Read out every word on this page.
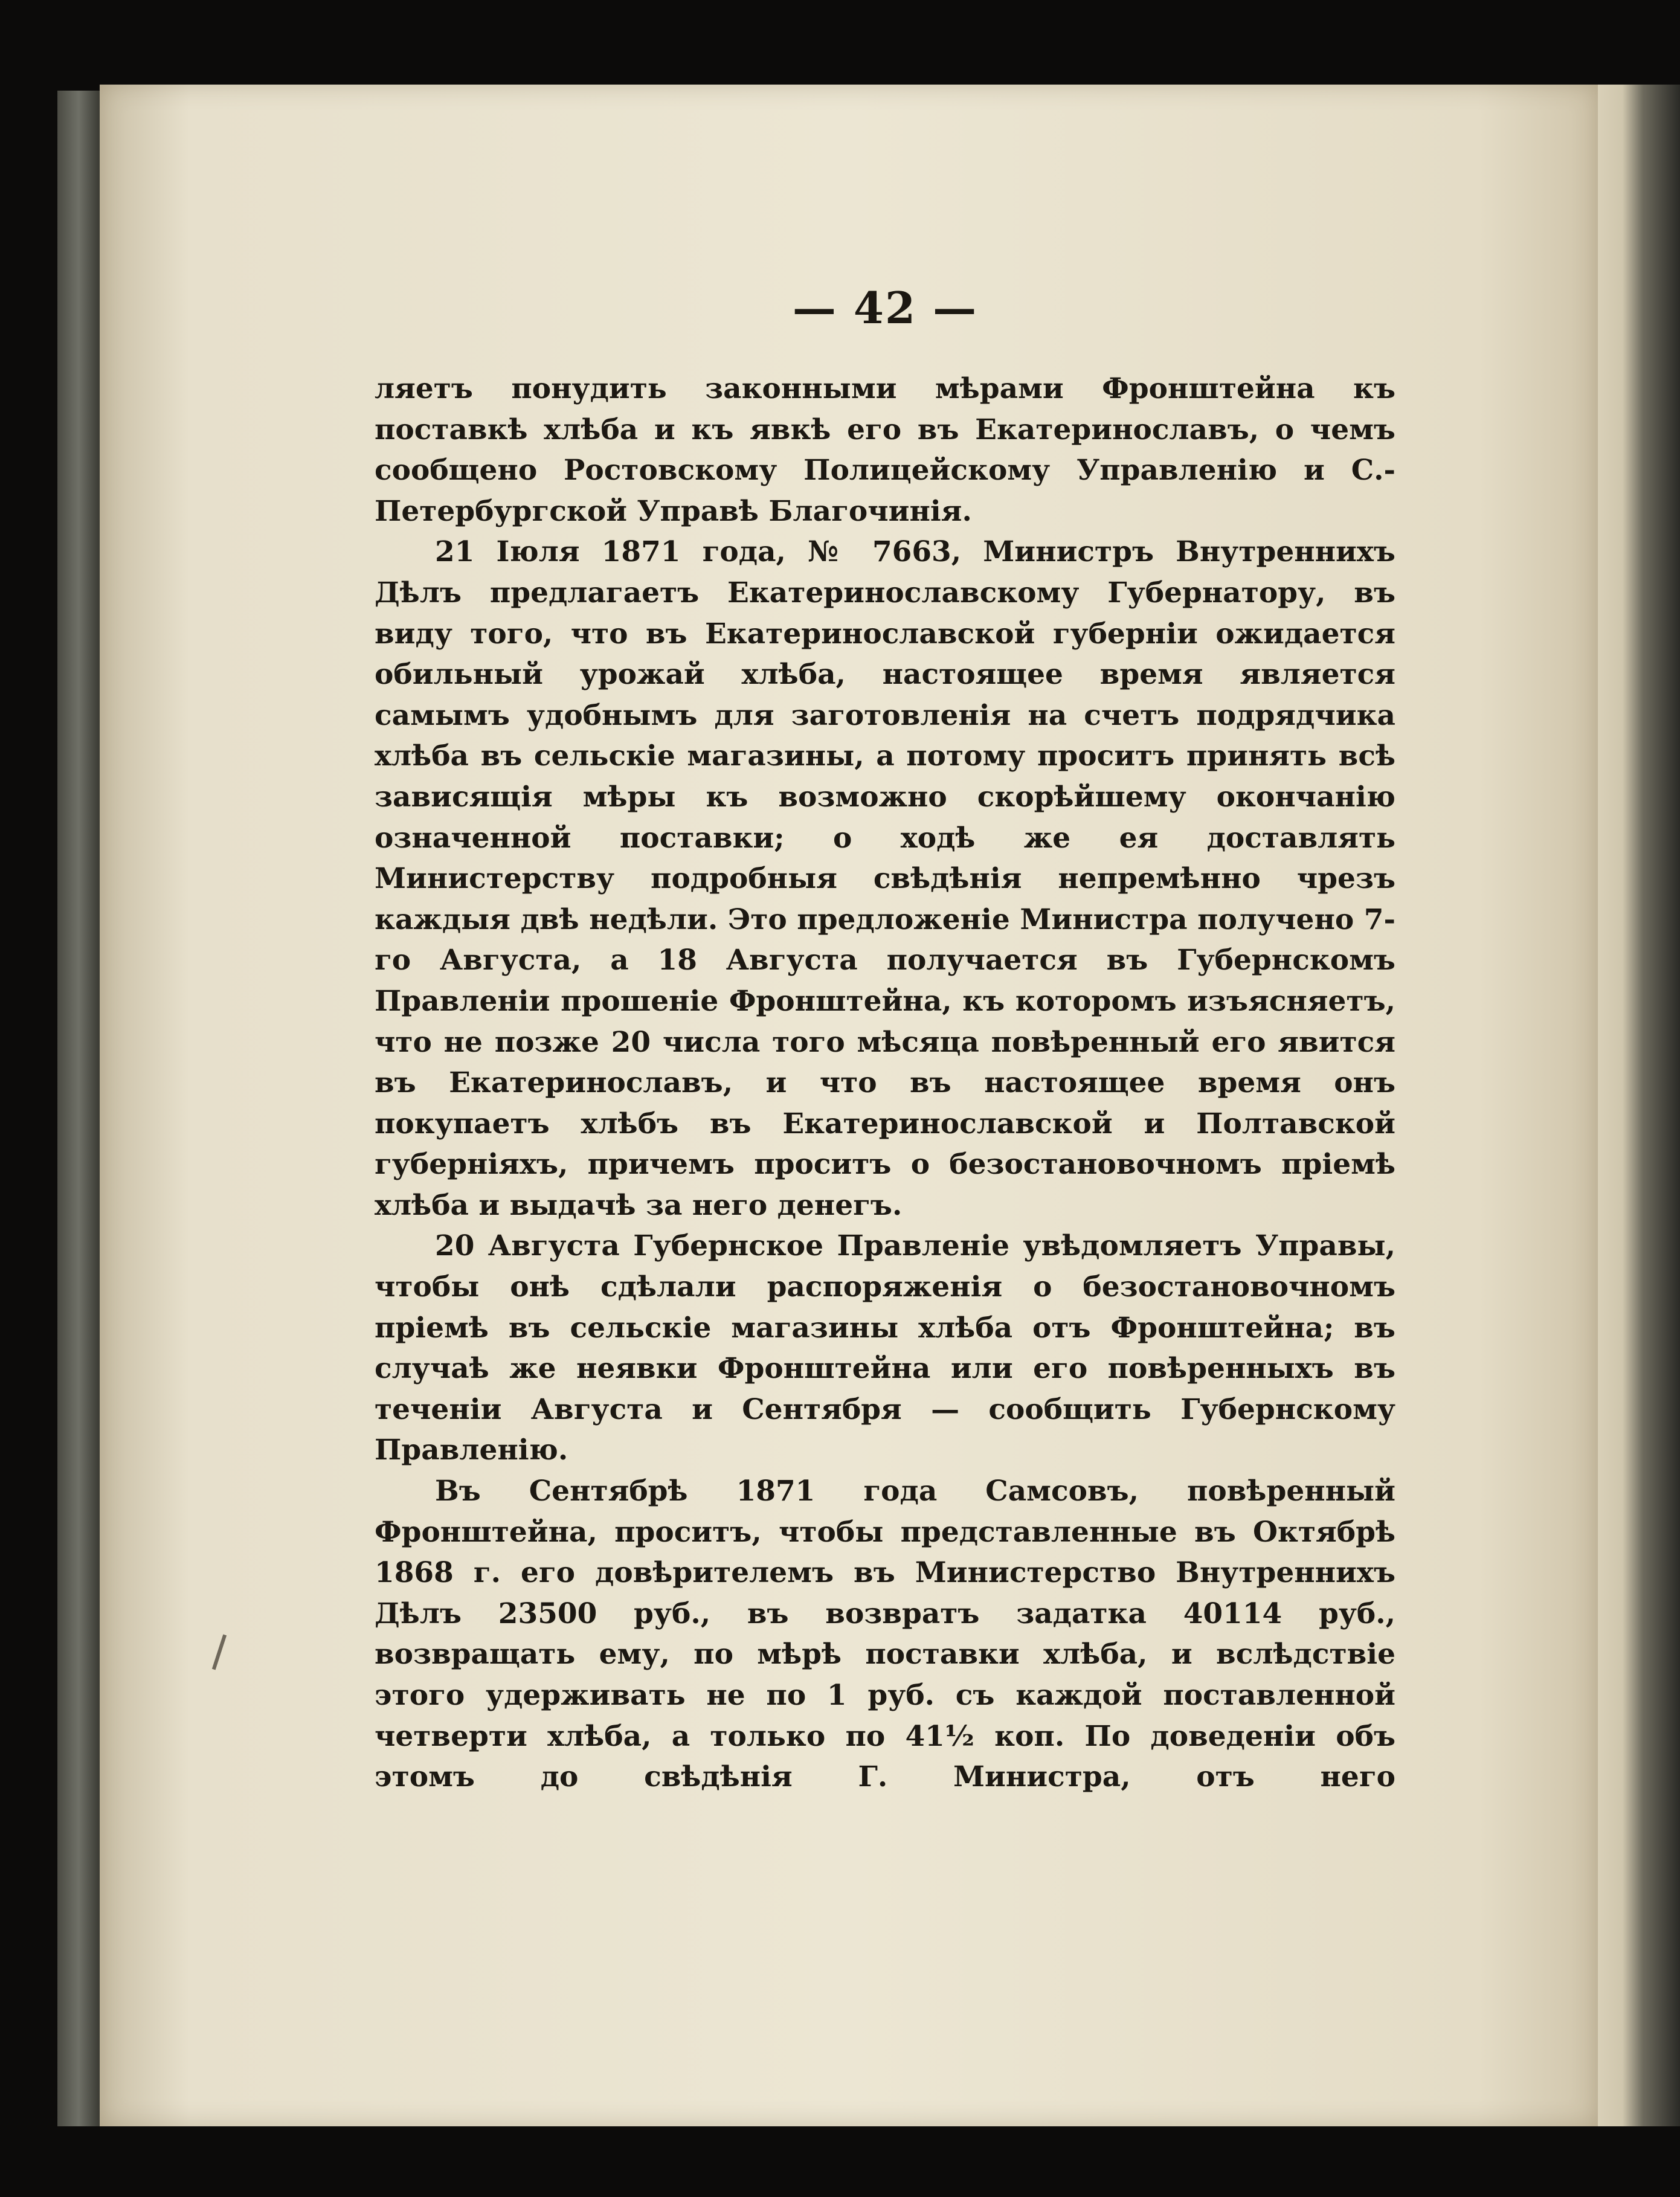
— 42 —

ляетъ понудить законными мѣрами Фронштейна къ поставкѣ хлѣба и къ явкѣ его въ Екатеринославъ, о чемъ сообщено Ростовскому Полицейскому Управленію и С.-Петербургской Управѣ Благочинія.

21 Іюля 1871 года, № 7663, Министръ Внутреннихъ Дѣлъ предлагаетъ Екатеринославскому Губернатору, въ виду того, что въ Екатеринославской губерніи ожидается обильный урожай хлѣба, настоящее время является самымъ удобнымъ для заготовленія на счетъ подрядчика хлѣба въ сельскіе магазины, а потому проситъ принять всѣ зависящія мѣры къ возможно скорѣйшему окончанію означенной поставки; о ходѣ же ея доставлять Министерству подробныя свѣдѣнія непремѣнно чрезъ каждыя двѣ недѣли. Это предложеніе Министра получено 7-го Августа, а 18 Августа получается въ Губернскомъ Правленіи прошеніе Фронштейна, къ которомъ изъясняетъ, что не позже 20 числа того мѣсяца повѣренный его явится въ Екатеринославъ, и что въ настоящее время онъ покупаетъ хлѣбъ въ Екатеринославской и Полтавской губерніяхъ, причемъ проситъ о безостановочномъ пріемѣ хлѣба и выдачѣ за него денегъ.

20 Августа Губернское Правленіе увѣдомляетъ Управы, чтобы онѣ сдѣлали распоряженія о безостановочномъ пріемѣ въ сельскіе магазины хлѣба отъ Фронштейна; въ случаѣ же неявки Фронштейна или его повѣренныхъ въ теченіи Августа и Сентября — сообщить Губернскому Правленію.

Въ Сентябрѣ 1871 года Самсовъ, повѣренный Фронштейна, проситъ, чтобы представленные въ Октябрѣ 1868 г. его довѣрителемъ въ Министерство Внутреннихъ Дѣлъ 23500 руб., въ возвратъ задатка 40114 руб., возвращать ему, по мѣрѣ поставки хлѣба, и вслѣдствіе этого удерживать не по 1 руб. съ каждой поставленной четверти хлѣба, а только по 41½ коп. По доведеніи объ этомъ до свѣдѣнія Г. Министра, отъ него
